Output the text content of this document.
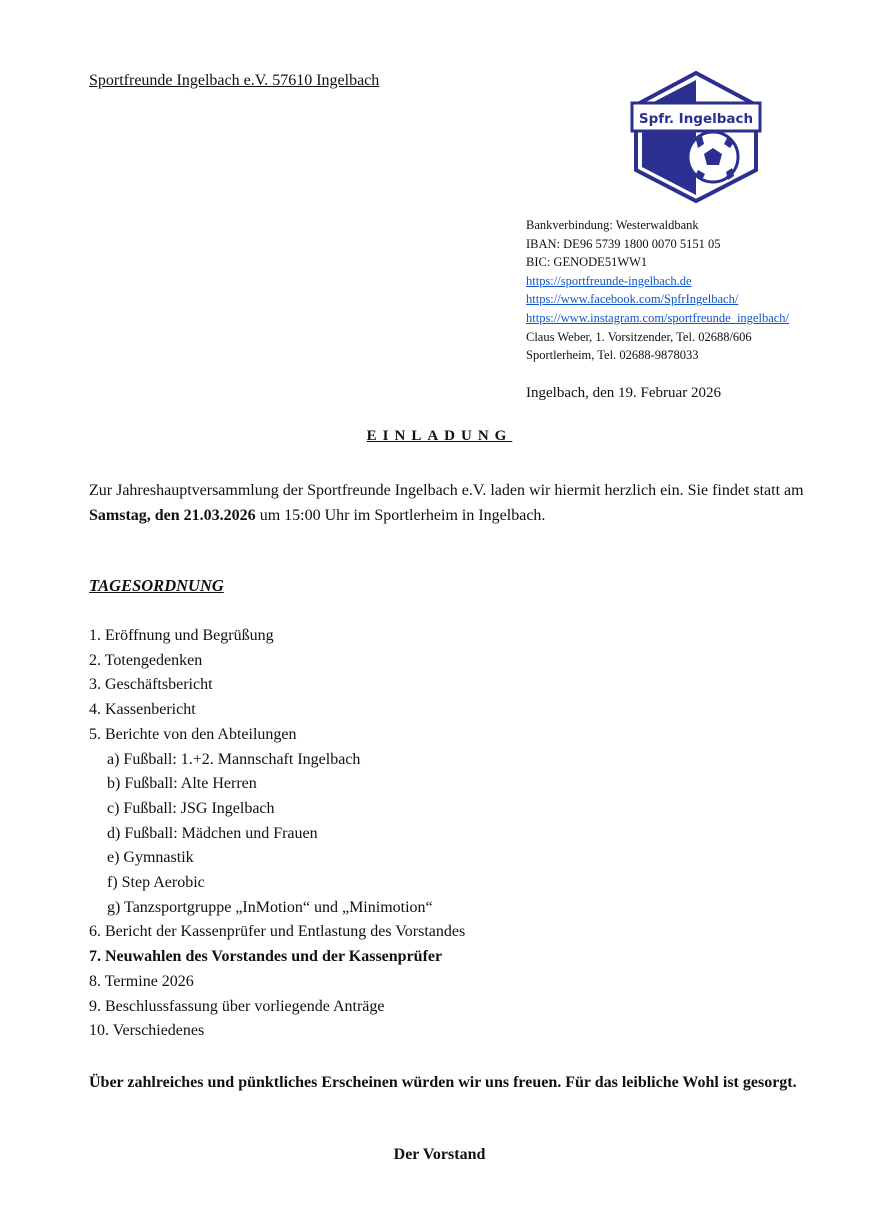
Sportfreunde Ingelbach e.V. 57610 Ingelbach
Spfr. Ingelbach
Bankverbindung: Westerwaldbank
IBAN: DE96 5739 1800 0070 5151 05
BIC: GENODE51WW1
https://sportfreunde-ingelbach.de
https://www.facebook.com/SpfrIngelbach/
https://www.instagram.com/sportfreunde_ingelbach/
Claus Weber, 1. Vorsitzender, Tel. 02688/606
Sportlerheim, Tel. 02688-9878033
Ingelbach, den 19. Februar 2026
EINLADUNG
Zur Jahreshauptversammlung der Sportfreunde Ingelbach e.V. laden wir hiermit herzlich ein. Sie findet statt am Samstag, den 21.03.2026 um 15:00 Uhr im Sportlerheim in Ingelbach.
TAGESORDNUNG
1. Eröffnung und Begrüßung
2. Totengedenken
3. Geschäftsbericht
4. Kassenbericht
5. Berichte von den Abteilungen
a) Fußball: 1.+2. Mannschaft Ingelbach
b) Fußball: Alte Herren
c) Fußball: JSG Ingelbach
d) Fußball: Mädchen und Frauen
e) Gymnastik
f) Step Aerobic
g) Tanzsportgruppe „InMotion“ und „Minimotion“
6. Bericht der Kassenprüfer und Entlastung des Vorstandes
7. Neuwahlen des Vorstandes und der Kassenprüfer
8. Termine 2026
9. Beschlussfassung über vorliegende Anträge
10. Verschiedenes
Über zahlreiches und pünktliches Erscheinen würden wir uns freuen. Für das leibliche Wohl ist gesorgt.
Der Vorstand
